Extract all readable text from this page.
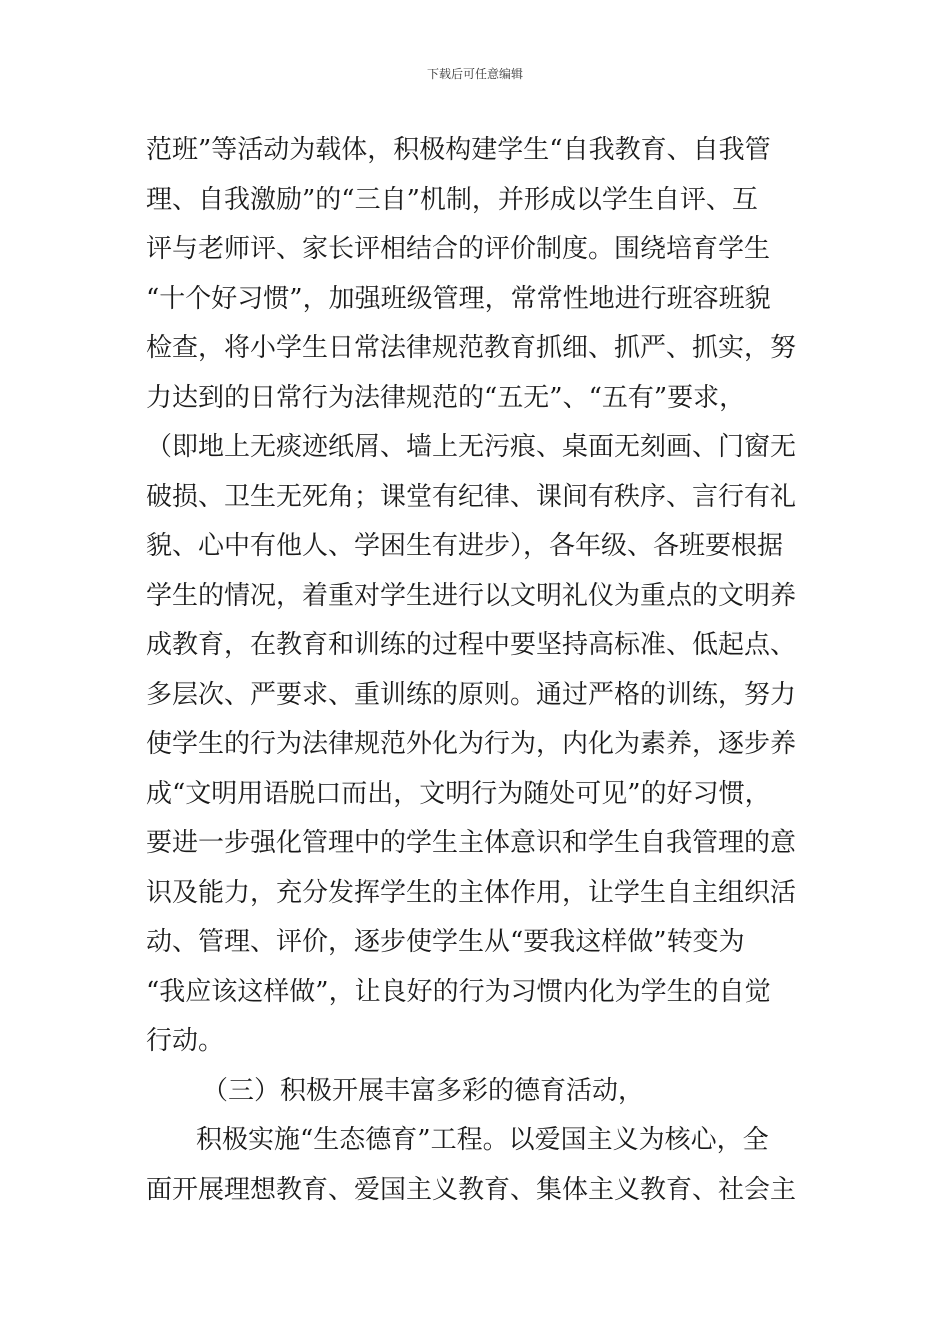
下载后可任意编辑
范班”等活动为载体，积极构建学生“自我教育、自我管
理、自我激励”的“三自”机制，并形成以学生自评、互
评与老师评、家长评相结合的评价制度。围绕培育学生
“十个好习惯”，加强班级管理，常常性地进行班容班貌
检查，将小学生日常法律规范教育抓细、抓严、抓实，努
力达到的日常行为法律规范的“五无”、“五有”要求，
（即地上无痰迹纸屑、墙上无污痕、桌面无刻画、门窗无
破损、卫生无死角；课堂有纪律、课间有秩序、言行有礼
貌、心中有他人、学困生有进步），各年级、各班要根据
学生的情况，着重对学生进行以文明礼仪为重点的文明养
成教育，在教育和训练的过程中要坚持高标准、低起点、
多层次、严要求、重训练的原则。通过严格的训练，努力
使学生的行为法律规范外化为行为，内化为素养，逐步养
成“文明用语脱口而出，文明行为随处可见”的好习惯，
要进一步强化管理中的学生主体意识和学生自我管理的意
识及能力，充分发挥学生的主体作用，让学生自主组织活
动、管理、评价，逐步使学生从“要我这样做”转变为
“我应该这样做”，让良好的行为习惯内化为学生的自觉
行动。
（三）积极开展丰富多彩的德育活动，
积极实施“生态德育”工程。以爱国主义为核心，全
面开展理想教育、爱国主义教育、集体主义教育、社会主
